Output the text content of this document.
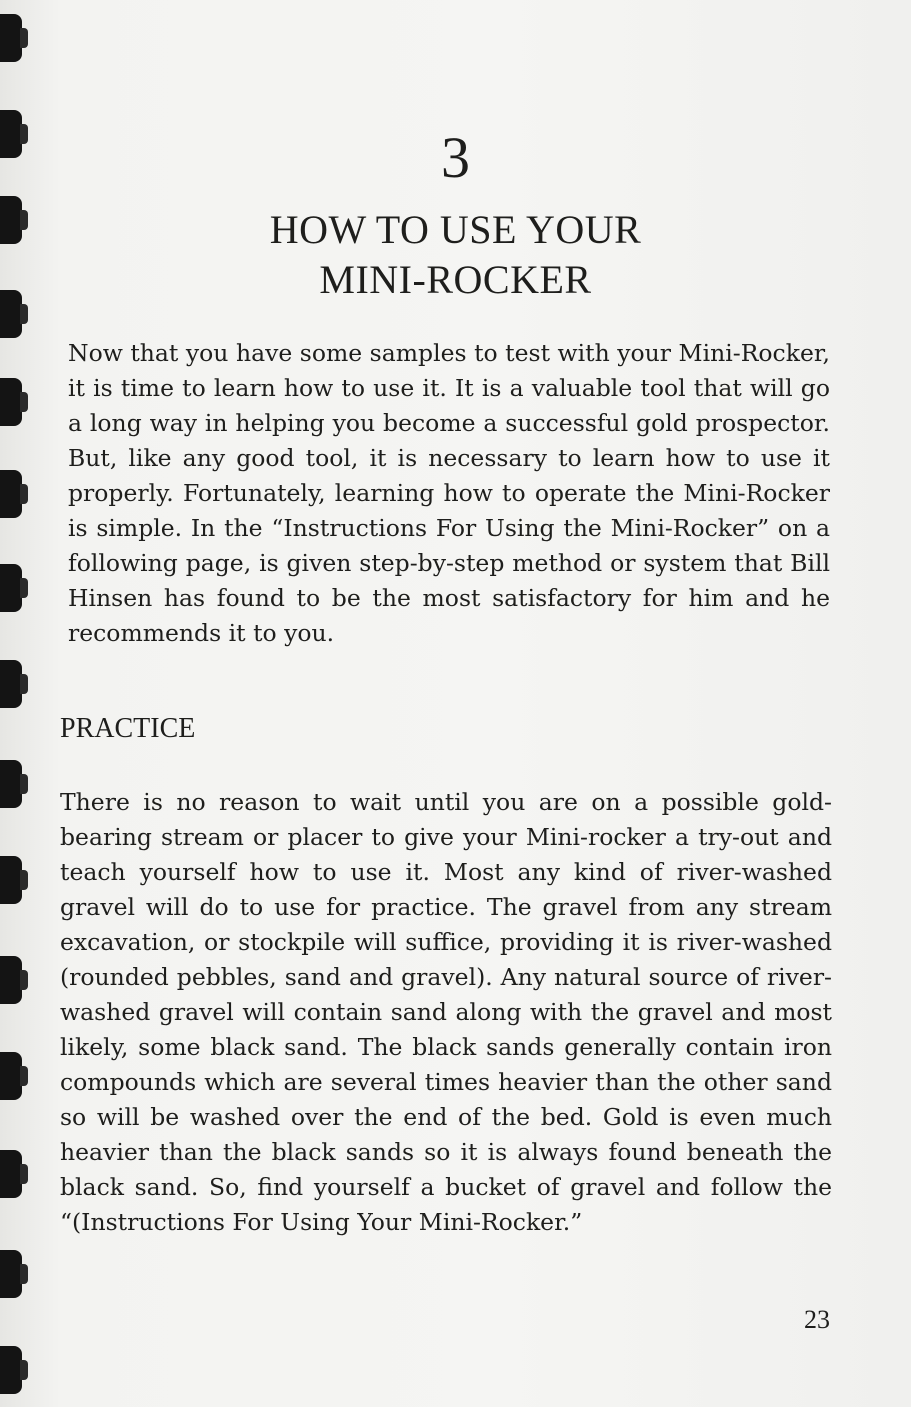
3
HOW TO USE YOUR
MINI-ROCKER

Now that you have some samples to test with your Mini-Rocker, it is time to learn how to use it. It is a valuable tool that will go a long way in helping you become a successful gold prospector. But, like any good tool, it is necessary to learn how to use it properly. Fortunately, learning how to operate the Mini-Rocker is simple. In the “Instructions For Using the Mini-Rocker” on a following page, is given step-by-step method or system that Bill Hinsen has found to be the most satisfactory for him and he recommends it to you.

PRACTICE

There is no reason to wait until you are on a possible gold-bearing stream or placer to give your Mini-rocker a try-out and teach yourself how to use it. Most any kind of river-washed gravel will do to use for practice. The gravel from any stream excavation, or stockpile will suffice, providing it is river-washed (rounded pebbles, sand and gravel). Any natural source of river-washed gravel will contain sand along with the gravel and most likely, some black sand. The black sands generally contain iron compounds which are several times heavier than the other sand so will be washed over the end of the bed. Gold is even much heavier than the black sands so it is always found beneath the black sand. So, find yourself a bucket of gravel and follow the “(Instructions For Using Your Mini-Rocker.”

23
